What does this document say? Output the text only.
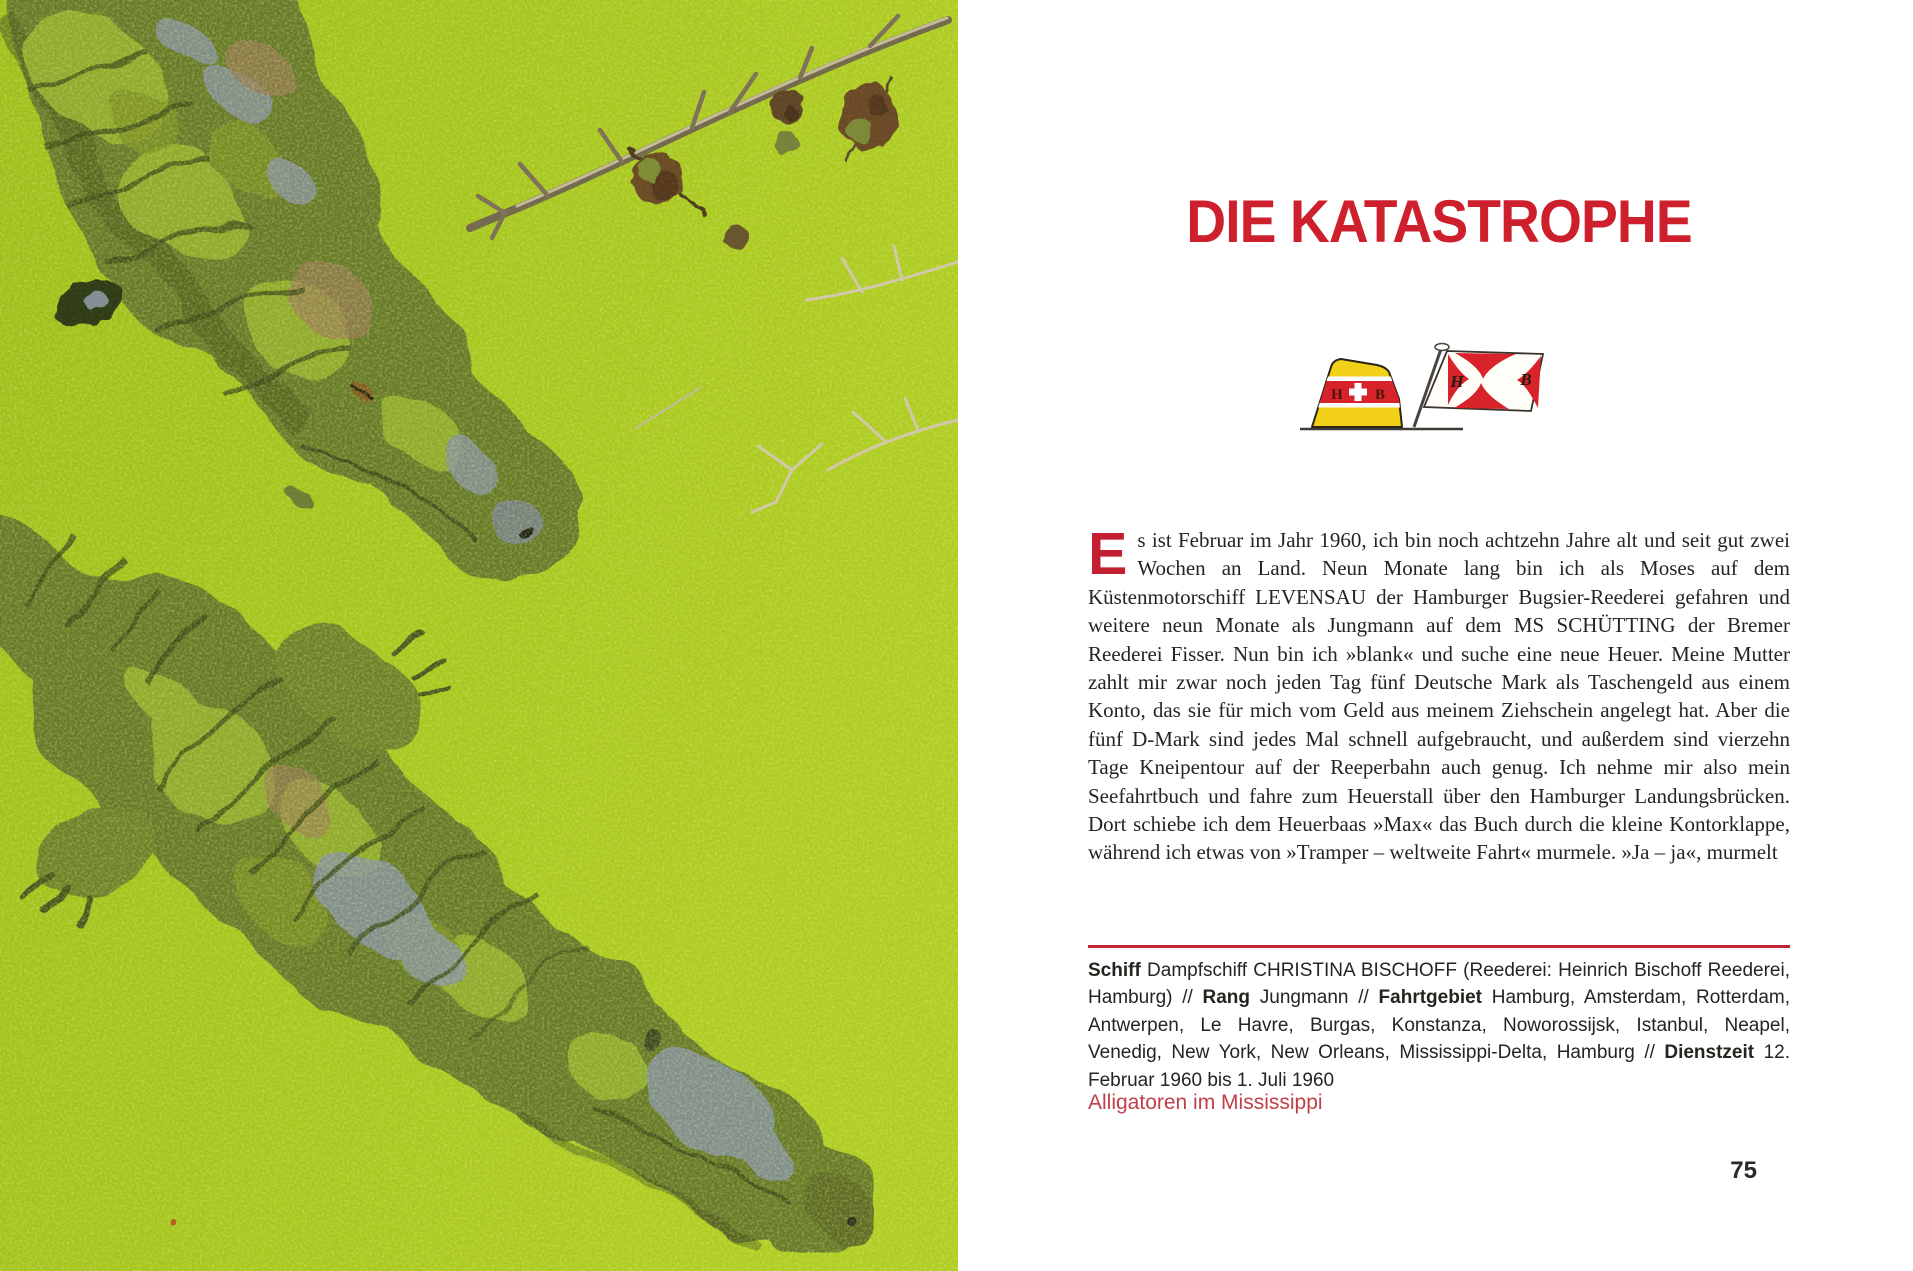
DIE KATASTROPHE
H	B
H B

Es ist Februar im Jahr 1960, ich bin noch achtzehn Jahre alt und seit gut zwei Wochen an Land. Neun Monate lang bin ich als Moses auf dem Küstenmotorschiff LEVENSAU der Hamburger Bugsier-Reederei gefahren und weitere neun Monate als Jungmann auf dem MS SCHÜTTING der Bremer Reederei Fisser. Nun bin ich »blank« und suche eine neue Heuer. Meine Mutter zahlt mir zwar noch jeden Tag fünf Deutsche Mark als Taschengeld aus einem Konto, das sie für mich vom Geld aus meinem Ziehschein angelegt hat. Aber die fünf D-Mark sind jedes Mal schnell aufgebraucht, und außerdem sind vierzehn Tage Kneipentour auf der Reeperbahn auch genug. Ich nehme mir also mein Seefahrtbuch und fahre zum Heuerstall über den Hamburger Landungsbrücken. Dort schiebe ich dem Heuerbaas »Max« das Buch durch die kleine Kontorklappe, während ich etwas von »Tramper – weltweite Fahrt« murmele. »Ja – ja«, murmelt

Schiff Dampfschiff CHRISTINA BISCHOFF (Reederei: Heinrich Bischoff Reederei, Hamburg) // Rang Jungmann // Fahrtgebiet Hamburg, Amsterdam, Rotterdam, Antwerpen, Le Havre, Burgas, Konstanza, Noworossijsk, Istanbul, Neapel, Venedig, New York, New Orleans, Mississippi-Delta, Hamburg // Dienstzeit 12. Februar 1960 bis 1. Juli 1960

Alligatoren im Mississippi

75
